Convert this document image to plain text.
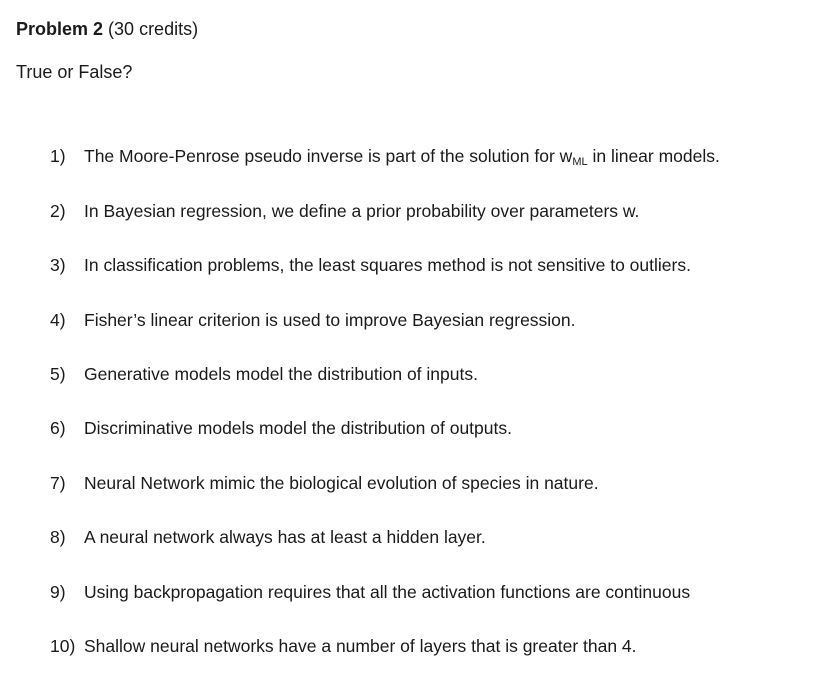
Problem 2 (30 credits)
True or False?
1)	The Moore-Penrose pseudo inverse is part of the solution for $w_{ML}$ in linear models.
2)	In Bayesian regression, we define a prior probability over parameters w.
3)	In classification problems, the least squares method is not sensitive to outliers.
4)	Fisher’s linear criterion is used to improve Bayesian regression.
5)	Generative models model the distribution of inputs.
6)	Discriminative models model the distribution of outputs.
7)	Neural Network mimic the biological evolution of species in nature.
8)	A neural network always has at least a hidden layer.
9)	Using backpropagation requires that all the activation functions are continuous
10) Shallow neural networks have a number of layers that is greater than 4.
